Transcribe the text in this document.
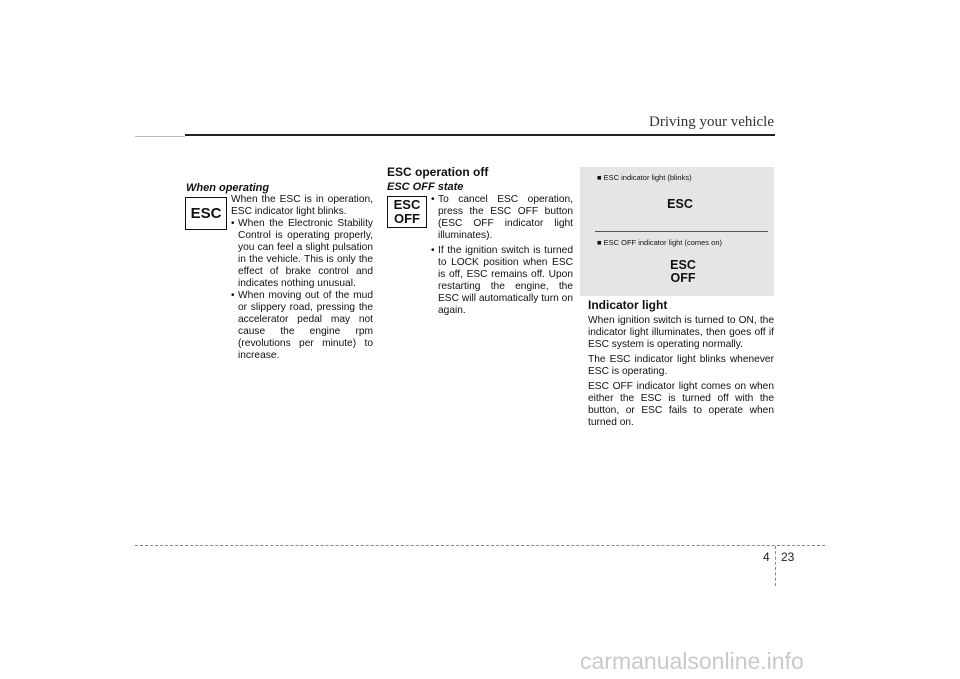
Driving your vehicle
When operating
ESC
When the ESC is in operation, ESC indicator light blinks.
• When the Electronic Stability Control is operating properly, you can feel a slight pulsation in the vehicle. This is only the effect of brake control and indicates nothing unusual.
• When moving out of the mud or slippery road, pressing the accelerator pedal may not cause the engine rpm (revolutions per minute) to increase.
ESC operation off
ESC OFF state
ESC
OFF
• To cancel ESC operation, press the ESC OFF button (ESC OFF indicator light illuminates).
• If the ignition switch is turned to LOCK position when ESC is off, ESC remains off. Upon restarting the engine, the ESC will automatically turn on again.
■ ESC indicator light (blinks)
ESC
■ ESC OFF indicator light (comes on)
ESC
OFF
Indicator light
When ignition switch is turned to ON, the indicator light illuminates, then goes off if ESC system is operating normally.
The ESC indicator light blinks whenever ESC is operating.
ESC OFF indicator light comes on when either the ESC is turned off with the button, or ESC fails to operate when turned on.
4 23
carmanualsonline.info
